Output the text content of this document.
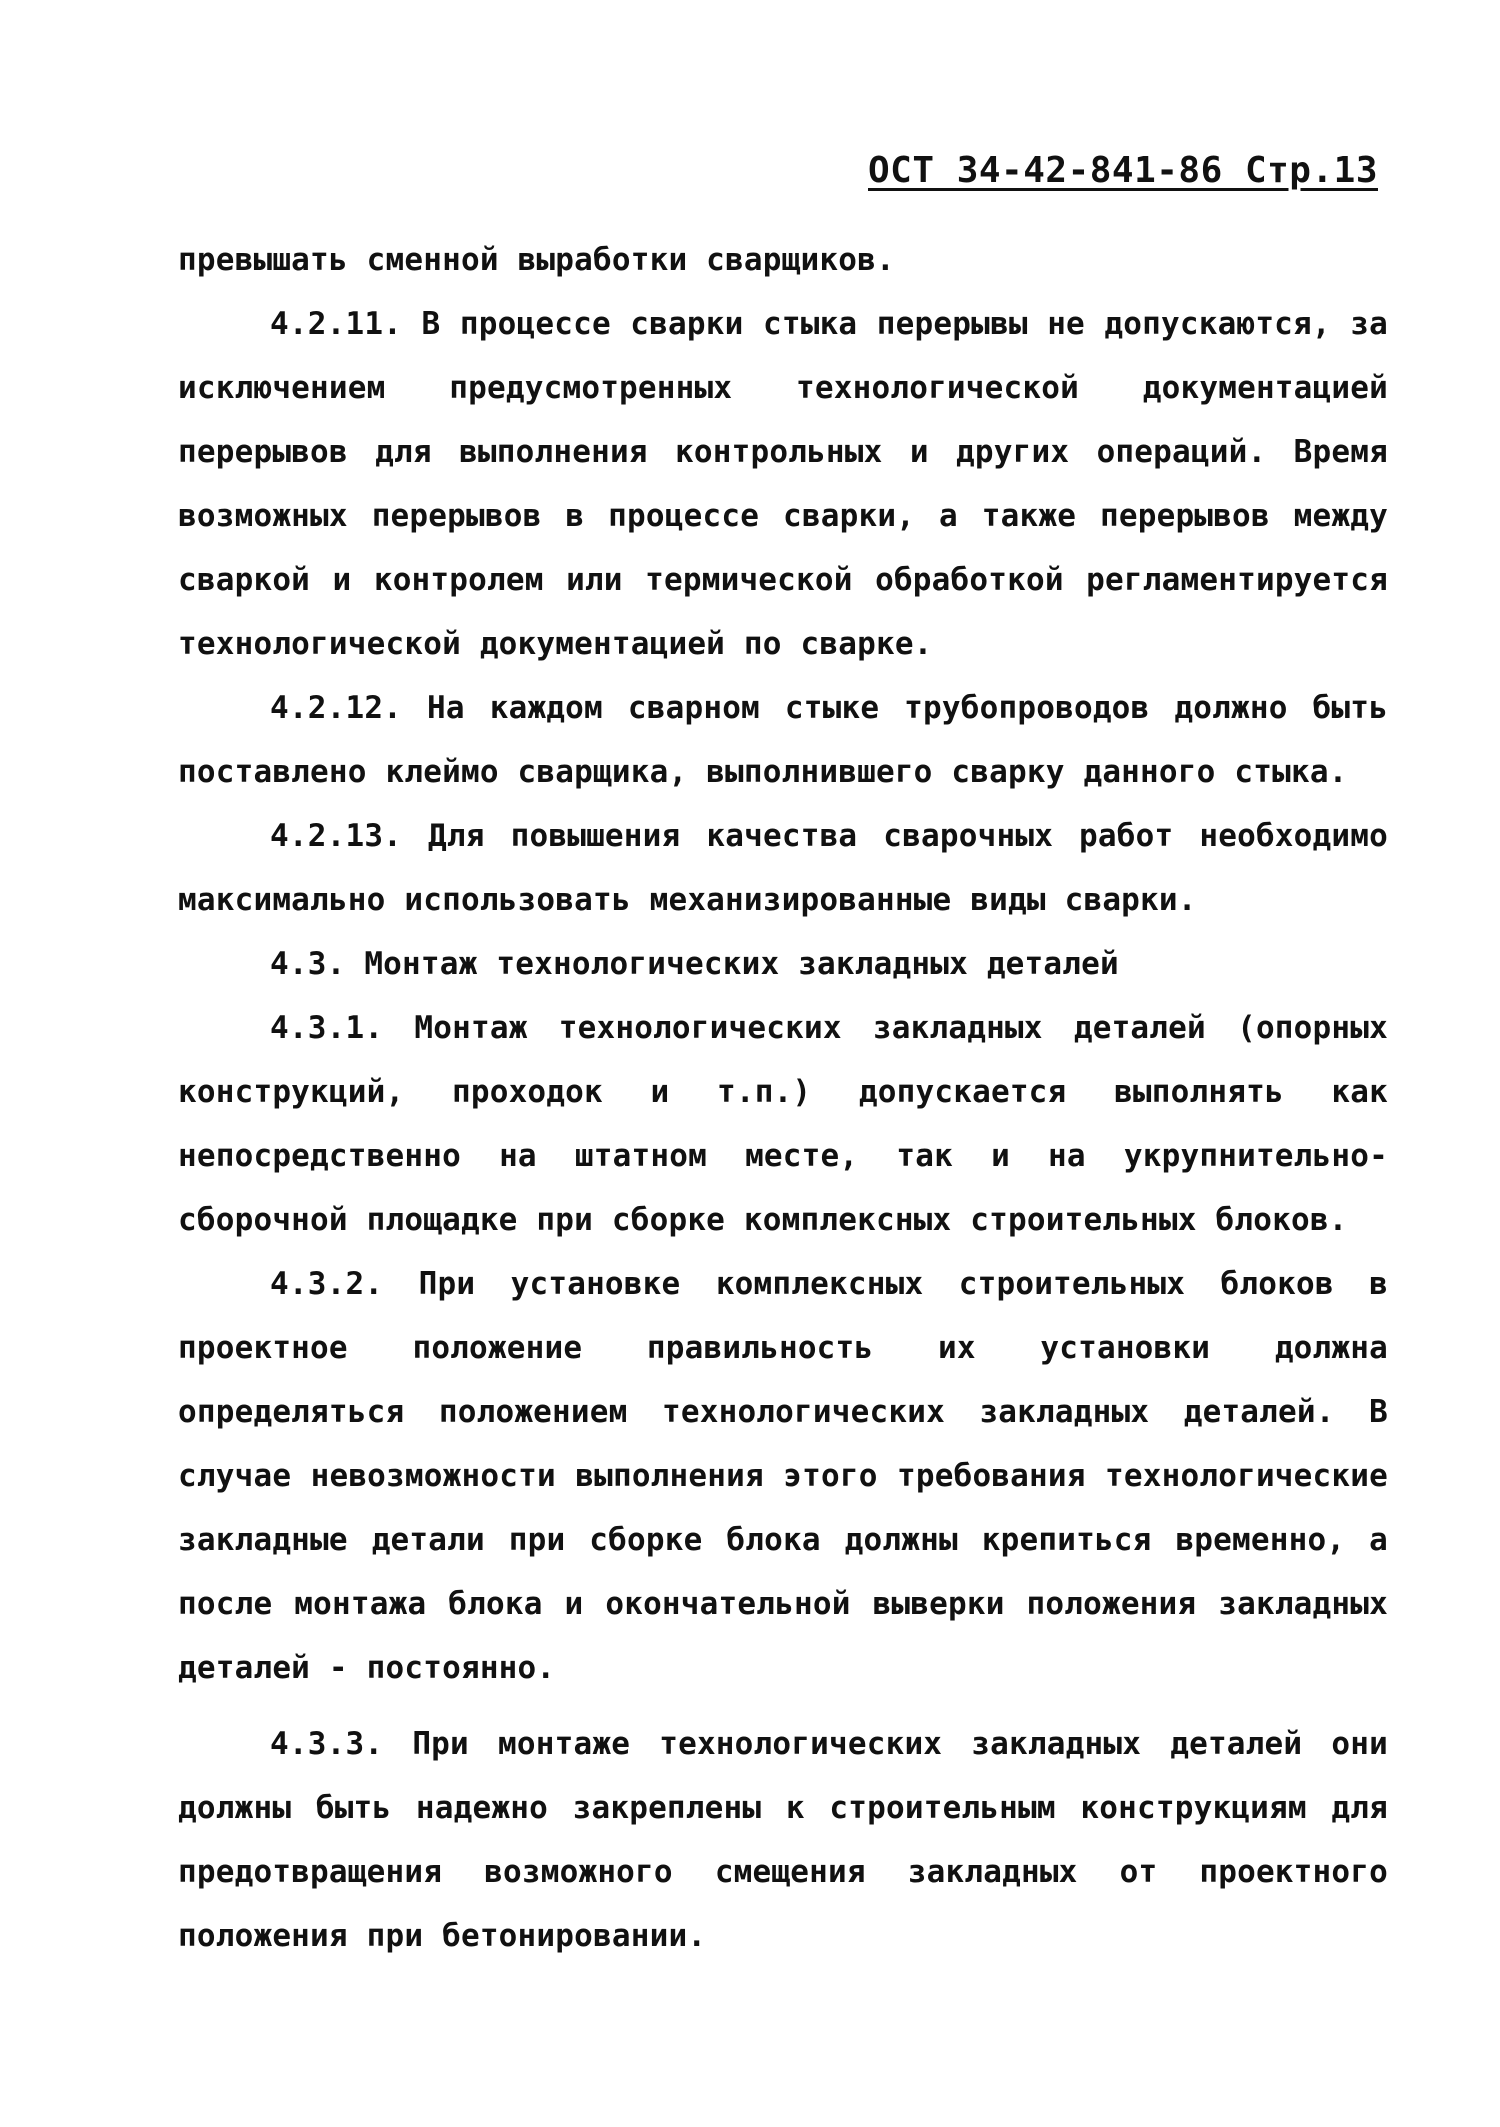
ОСТ 34-42-841-86 Стр.13

превышать сменной выработки сварщиков.

4.2.11. В процессе сварки стыка перерывы не допускаются, за исключением предусмотренных технологической документацией перерывов для выполнения контрольных и других операций. Время возможных перерывов в процессе сварки, а также перерывов между сваркой и контролем или термической обработкой регламентируется технологической документацией по сварке.

4.2.12. На каждом сварном стыке трубопроводов должно быть поставлено клеймо сварщика, выполнившего сварку данного стыка.

4.2.13. Для повышения качества сварочных работ необходимо максимально использовать механизированные виды сварки.

4.3. Монтаж технологических закладных деталей

4.3.1. Монтаж технологических закладных деталей (опорных конструкций, проходок и т.п.) допускается выполнять как непосредственно на штатном месте, так и на укрупнительно-сборочной площадке при сборке комплексных строительных блоков.

4.3.2. При установке комплексных строительных блоков в проектное положение правильность их установки должна определяться положением технологических закладных деталей. В случае невозможности выполнения этого требования технологические закладные детали при сборке блока должны крепиться временно, а после монтажа блока и окончательной выверки положения закладных деталей - постоянно.

4.3.3. При монтаже технологических закладных деталей они должны быть надежно закреплены к строительным конструкциям для предотвращения возможного смещения закладных от проектного положения при бетонировании.
